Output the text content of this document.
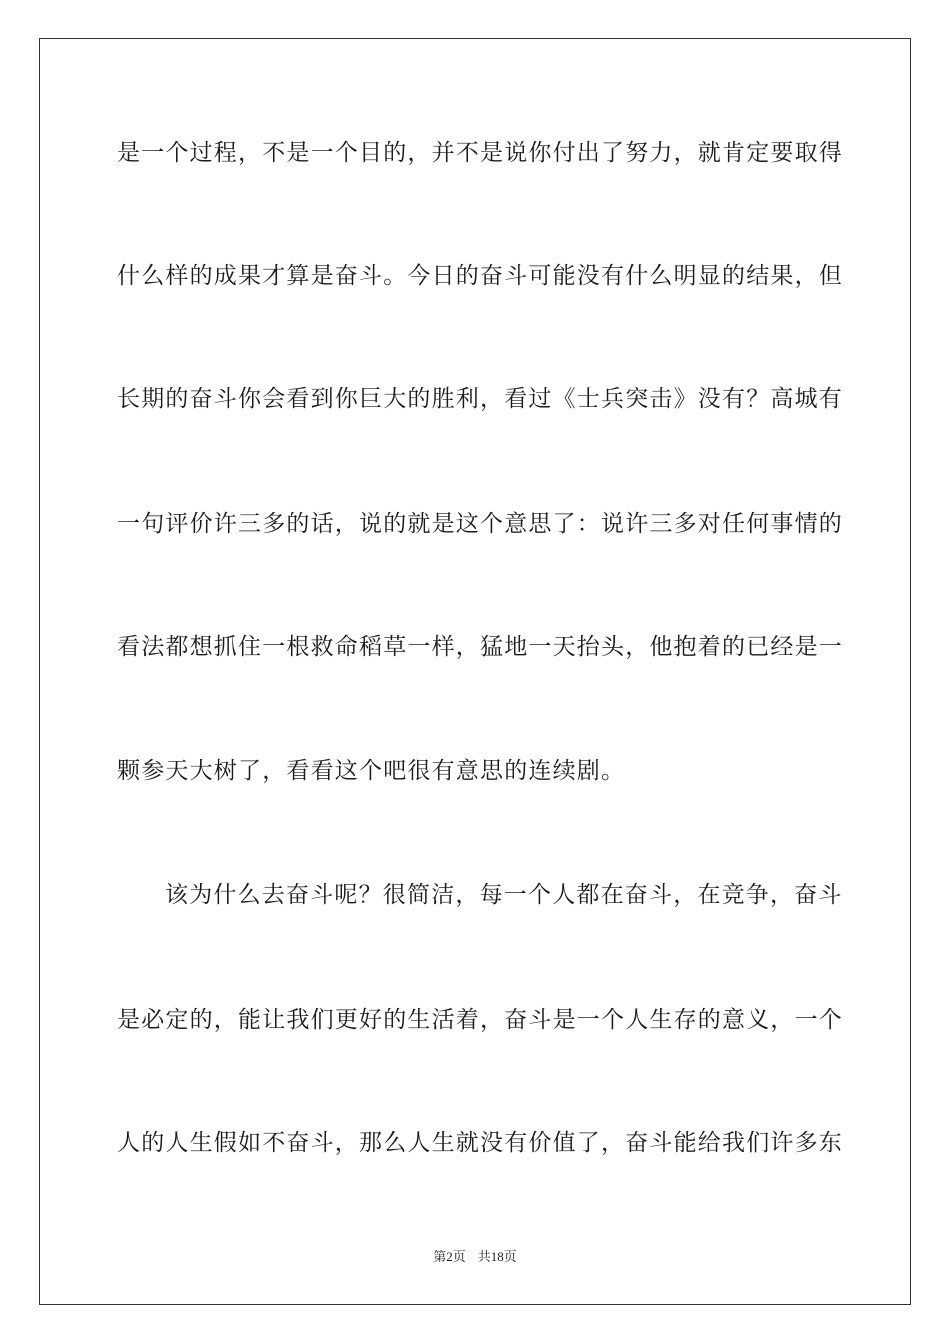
是一个过程，不是一个目的，并不是说你付出了努力，就肯定要取得
什么样的成果才算是奋斗。今日的奋斗可能没有什么明显的结果，但
长期的奋斗你会看到你巨大的胜利，看过《士兵突击》没有？高城有
一句评价许三多的话，说的就是这个意思了：说许三多对任何事情的
看法都想抓住一根救命稻草一样，猛地一天抬头，他抱着的已经是一
颗参天大树了，看看这个吧很有意思的连续剧。
该为什么去奋斗呢？很简洁，每一个人都在奋斗，在竞争，奋斗
是必定的，能让我们更好的生活着，奋斗是一个人生存的意义，一个
人的人生假如不奋斗，那么人生就没有价值了，奋斗能给我们许多东
第2页 共18页
